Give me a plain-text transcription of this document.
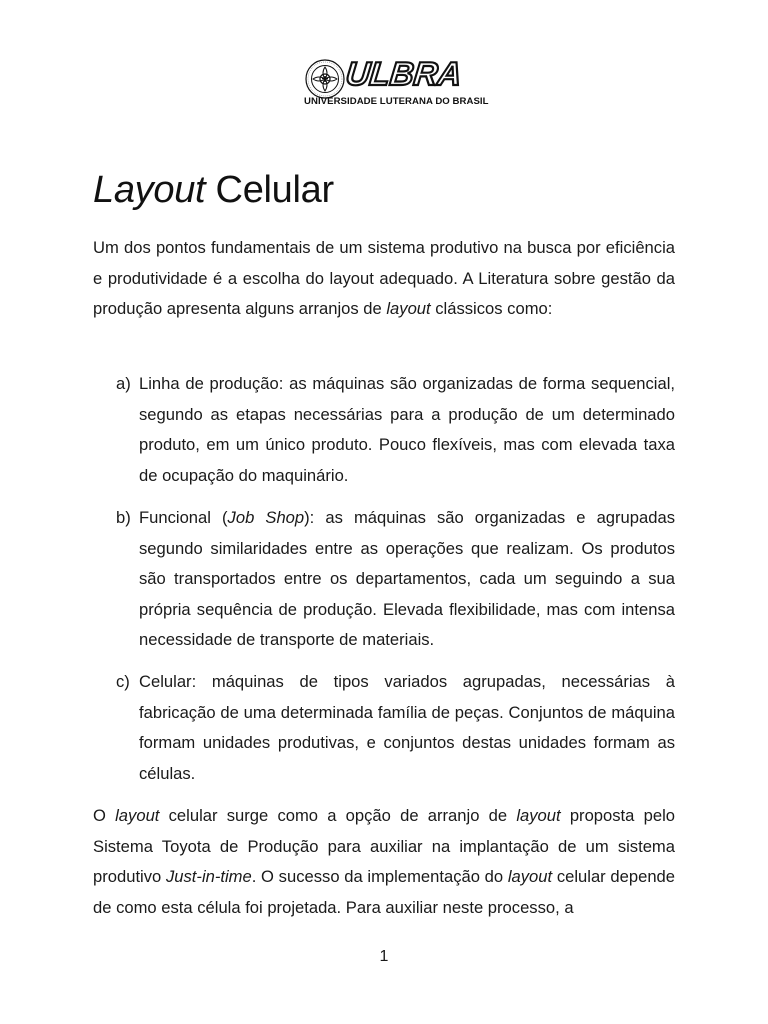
ULBRA
UNIVERSIDADE LUTERANA DO BRASIL
Layout Celular

Um dos pontos fundamentais de um sistema produtivo na busca por eficiência e produtividade é a escolha do layout adequado. A Literatura sobre gestão da produção apresenta alguns arranjos de layout clássicos como:

a) Linha de produção: as máquinas são organizadas de forma sequencial, segundo as etapas necessárias para a produção de um determinado produto, em um único produto. Pouco flexíveis, mas com elevada taxa de ocupação do maquinário.

b) Funcional (Job Shop): as máquinas são organizadas e agrupadas segundo similaridades entre as operações que realizam. Os produtos são transportados entre os departamentos, cada um seguindo a sua própria sequência de produção. Elevada flexibilidade, mas com intensa necessidade de transporte de materiais.

c) Celular: máquinas de tipos variados agrupadas, necessárias à fabricação de uma determinada família de peças. Conjuntos de máquina formam unidades produtivas, e conjuntos destas unidades formam as células.

O layout celular surge como a opção de arranjo de layout proposta pelo Sistema Toyota de Produção para auxiliar na implantação de um sistema produtivo Just-in-time. O sucesso da implementação do layout celular depende de como esta célula foi projetada. Para auxiliar neste processo, a

1
